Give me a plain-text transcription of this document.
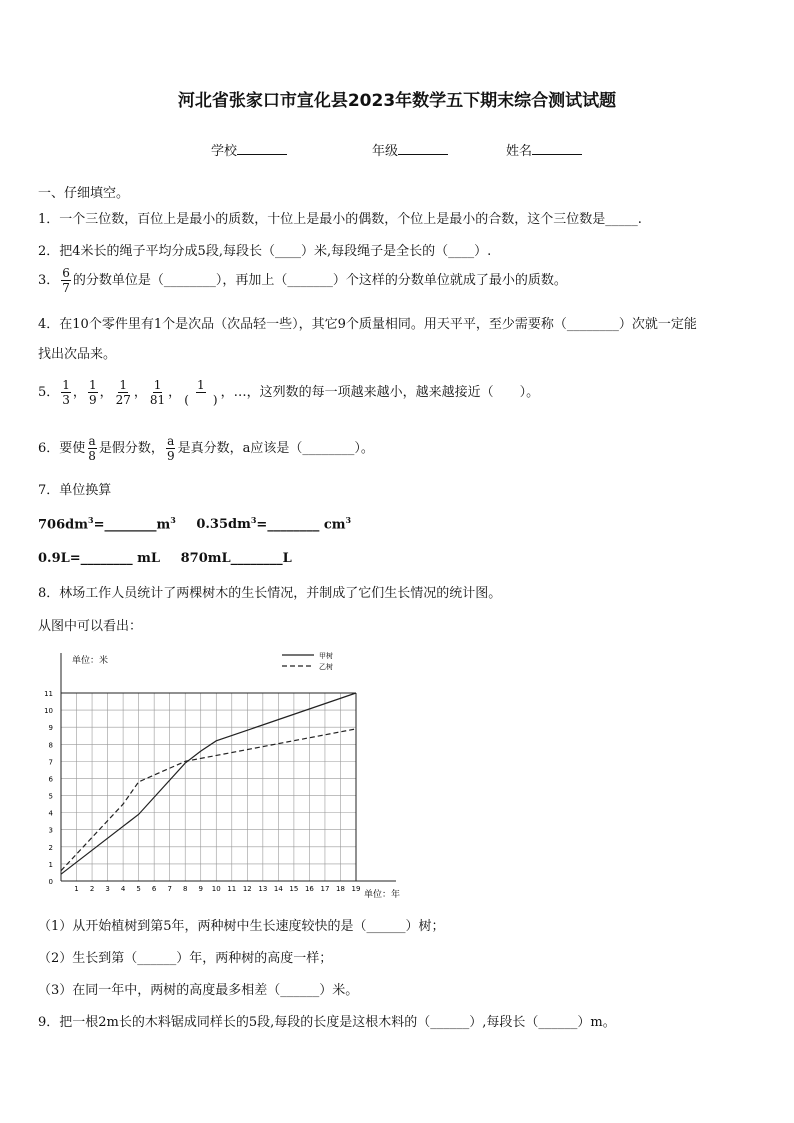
河北省张家口市宣化县2023年数学五下期末综合测试试题
学校	年级	姓名
一、仔细填空。
1．一个三位数，百位上是最小的质数，十位上是最小的偶数，个位上是最小的合数，这个三位数是_____.
2．把4米长的绳子平均分成5段,每段长（____）米,每段绳子是全长的（____）.
3． $\frac{6}{7}$ 的分数单位是（________），再加上（_______）个这样的分数单位就成了最小的质数。
4．在10个零件里有1个是次品（次品轻一些），其它9个质量相同。用天平平，至少需要称（________）次就一定能
找出次品来。
5． $\frac{1}{3}$ ， $\frac{1}{9}$ ， $\frac{1}{27}$ ， $\frac{1}{81}$ ， $\frac{1}{( )}$ ，…，这列数的每一项越来越小，越来越接近（　　）。
6．要使 $\frac{a}{8}$ 是假分数， $\frac{a}{9}$ 是真分数，a应该是（________）。
7．单位换算
$706dm^3=\_\_\_\_\_\_\_\_m^3$ $0.35dm^3=\_\_\_\_\_\_\_\_$ $cm^3$
0.9L=________ mL 870mL________L
8．林场工作人员统计了两棵树木的生长情况，并制成了它们生长情况的统计图。
从图中可以看出：
0
1
2
3
4
5
6
7
8
9
10
11
1 2 3 4 5 6 7 8 9 10 11 12 13 14 15 16 17 18 19
单位：米
单位：年
甲树
乙树
（1）从开始植树到第5年，两种树中生长速度较快的是（______）树；
（2）生长到第（______）年，两种树的高度一样；
（3）在同一年中，两树的高度最多相差（______）米。
9．把一根2m长的木料锯成同样长的5段,每段的长度是这根木料的（______）,每段长（______）m。
